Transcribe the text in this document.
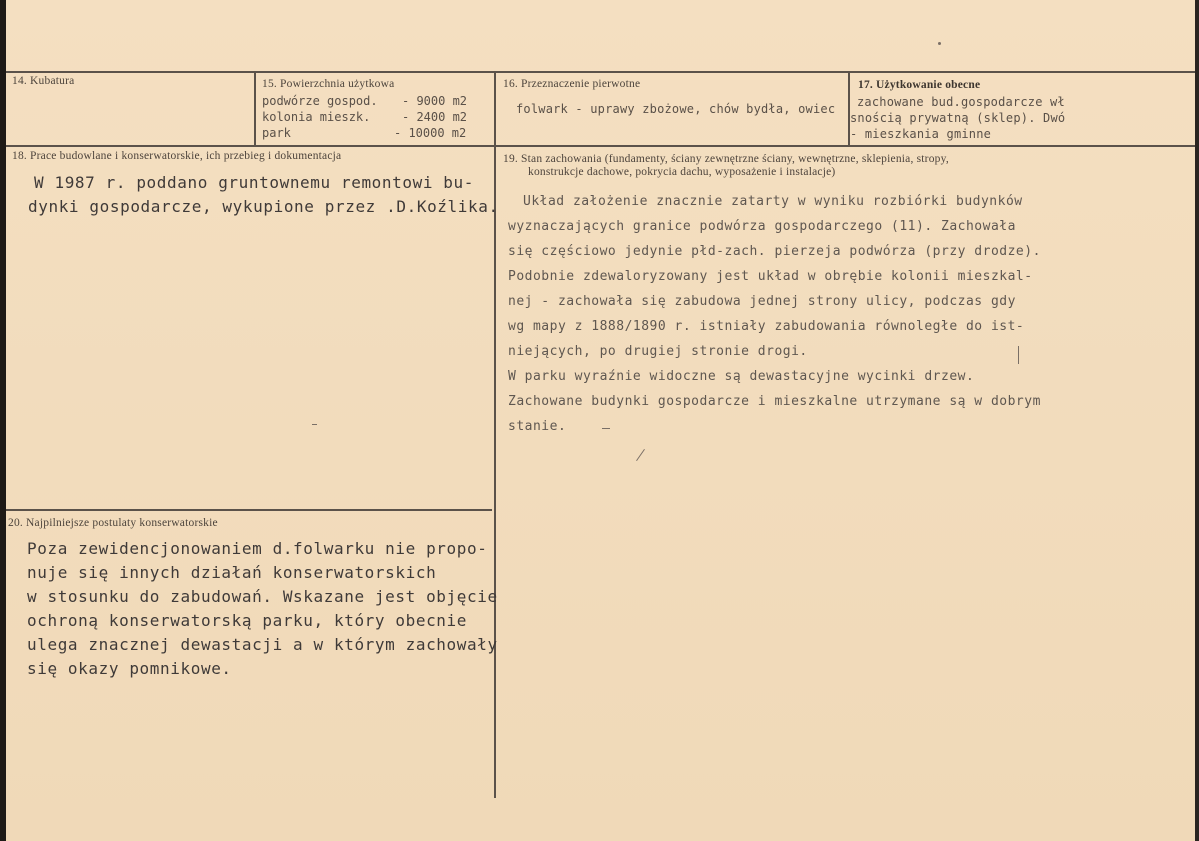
14. Kubatura	15. Powierzchnia użytkowa
podwórze gospod. - 9000 m2
kolonia mieszk.	- 2400 m2
park	- 10000 m2
16. Przeznaczenie pierwotne
folwark - uprawy zbożowe, chów bydła, owiec
17. Użytkowanie obecne
zachowane bud.gospodarcze wł
snością prywatną (sklep). Dwó
- mieszkania gminne
18. Prace budowlane i konserwatorskie, ich przebieg i dokumentacja
W 1987 r. poddano gruntownemu remontowi bu-
dynki gospodarcze, wykupione przez .D.Koźlika.
19. Stan zachowania (fundamenty, ściany zewnętrzne ściany, wewnętrzne, sklepienia, stropy,
konstrukcje dachowe, pokrycia dachu, wyposażenie i instalacje)
Układ założenie znacznie zatarty w wyniku rozbiórki budynków
wyznaczających granice podwórza gospodarczego (11). Zachowała
się częściowo jedynie płd-zach. pierzeja podwórza (przy drodze).
Podobnie zdewaloryzowany jest układ w obrębie kolonii mieszkal-
nej - zachowała się zabudowa jednej strony ulicy, podczas gdy
wg mapy z 1888/1890 r. istniały zabudowania równoległe do ist-
niejących, po drugiej stronie drogi.
W parku wyraźnie widoczne są dewastacyjne wycinki drzew.
Zachowane budynki gospodarcze i mieszkalne utrzymane są w dobrym
stanie.
20. Najpilniejsze postulaty konserwatorskie
Poza zewidencjonowaniem d.folwarku nie propo-
nuje się innych działań konserwatorskich
w stosunku do zabudowań. Wskazane jest objęcie
ochroną konserwatorską parku, który obecnie
ulega znacznej dewastacji a w którym zachowały
się okazy pomnikowe.
